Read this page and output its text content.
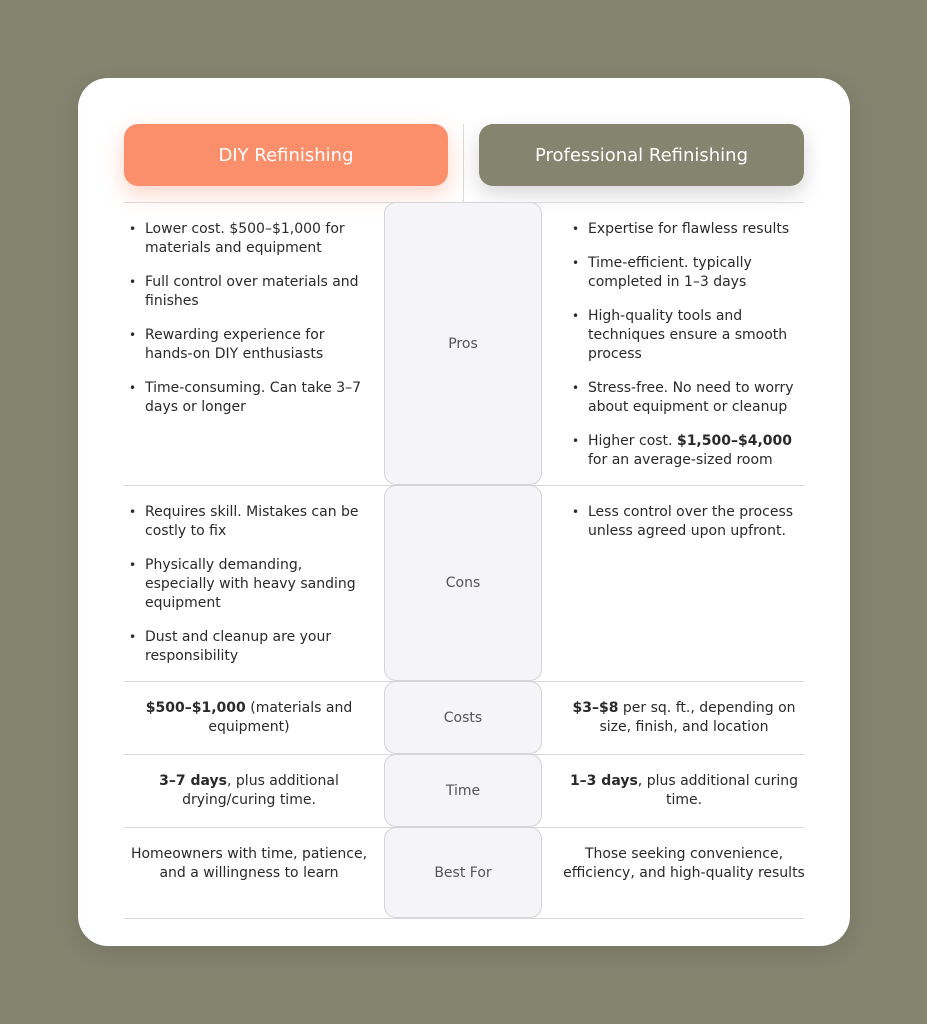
DIY Refinishing	Professional Refinishing
Pros
Cons
Costs
Time
Best For
• Lower cost. $500–$1,000 for materials and equipment
• Full control over materials and finishes
• Rewarding experience for hands-on DIY enthusiasts
• Time-consuming. Can take 3–7 days or longer
• Expertise for flawless results
• Time-efficient. typically completed in 1–3 days
• High-quality tools and techniques ensure a smooth process
• Stress-free. No need to worry about equipment or cleanup
• Higher cost. $1,500–$4,000 for an average-sized room
• Requires skill. Mistakes can be costly to fix
• Physically demanding, especially with heavy sanding equipment
• Dust and cleanup are your responsibility
• Less control over the process unless agreed upon upfront.
$500–$1,000 (materials and equipment)
$3–$8 per sq. ft., depending on size, finish, and location
3–7 days, plus additional drying/curing time.
1–3 days, plus additional curing time.
Homeowners with time, patience, and a willingness to learn
Those seeking convenience, efficiency, and high-quality results
